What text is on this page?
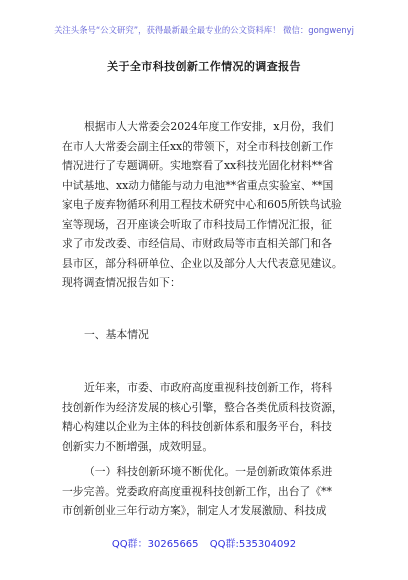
关注头条号“公文研究”，获得最新最全最专业的公文资料库！ 微信：gongwenyj
关于全市科技创新工作情况的调查报告
根据市人大常委会2024年度工作安排，x月份，我们
在市人大常委会副主任xx的带领下，对全市科技创新工作
情况进行了专题调研。实地察看了xx科技光固化材料**省
中试基地、xx动力储能与动力电池**省重点实验室、**国
家电子废弃物循环利用工程技术研究中心和605所铁鸟试验
室等现场，召开座谈会听取了市科技局工作情况汇报，征
求了市发改委、市经信局、市财政局等市直相关部门和各
县市区，部分科研单位、企业以及部分人大代表意见建议。
现将调查情况报告如下：
一、基本情况
近年来，市委、市政府高度重视科技创新工作，将科
技创新作为经济发展的核心引擎，整合各类优质科技资源，
精心构建以企业为主体的科技创新体系和服务平台，科技
创新实力不断增强，成效明显。
（一）科技创新环境不断优化。一是创新政策体系进
一步完善。党委政府高度重视科技创新工作，出台了《**
市创新创业三年行动方案》，制定人才发展激励、科技成
QQ群：30265665 QQ群:535304092
